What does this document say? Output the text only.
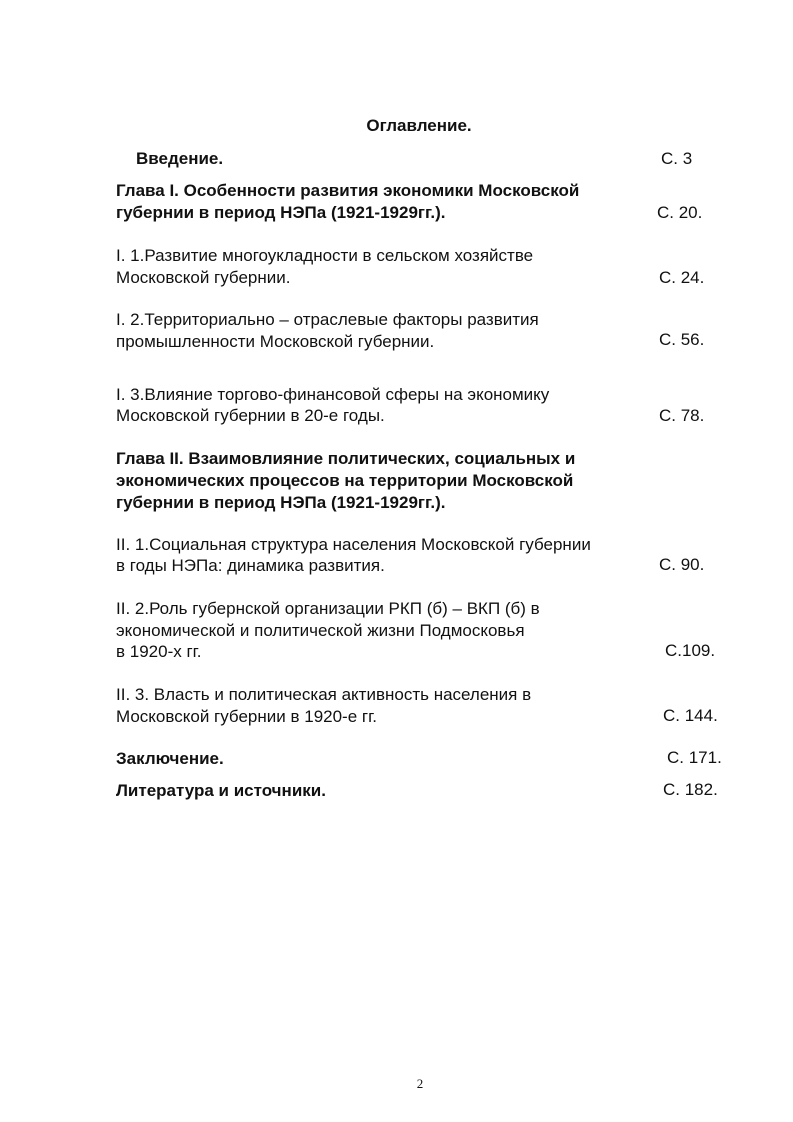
Оглавление.
Введение.	С. 3
Глава I. Особенности развития экономики Московской
губернии в период НЭПа (1921-1929гг.).	С. 20.
I. 1.Развитие многоукладности в сельском хозяйстве
Московской губернии.	С. 24.
I. 2.Территориально – отраслевые факторы развития
промышленности Московской губернии.	С. 56.
I. 3.Влияние торгово-финансовой сферы на экономику
Московской губернии в 20-е годы.	С. 78.
Глава II. Взаимовлияние политических, социальных и
экономических процессов на территории Московской
губернии в период НЭПа (1921-1929гг.).
II. 1.Социальная структура населения Московской губернии
в годы НЭПа: динамика развития.	С. 90.
II. 2.Роль губернской организации РКП (б) – ВКП (б) в
экономической и политической жизни Подмосковья
в 1920-х гг.	С.109.
II. 3. Власть и политическая активность населения в
Московской губернии в 1920-е гг.	С. 144.
Заключение.	С. 171.
Литература и источники.	С. 182.
2
